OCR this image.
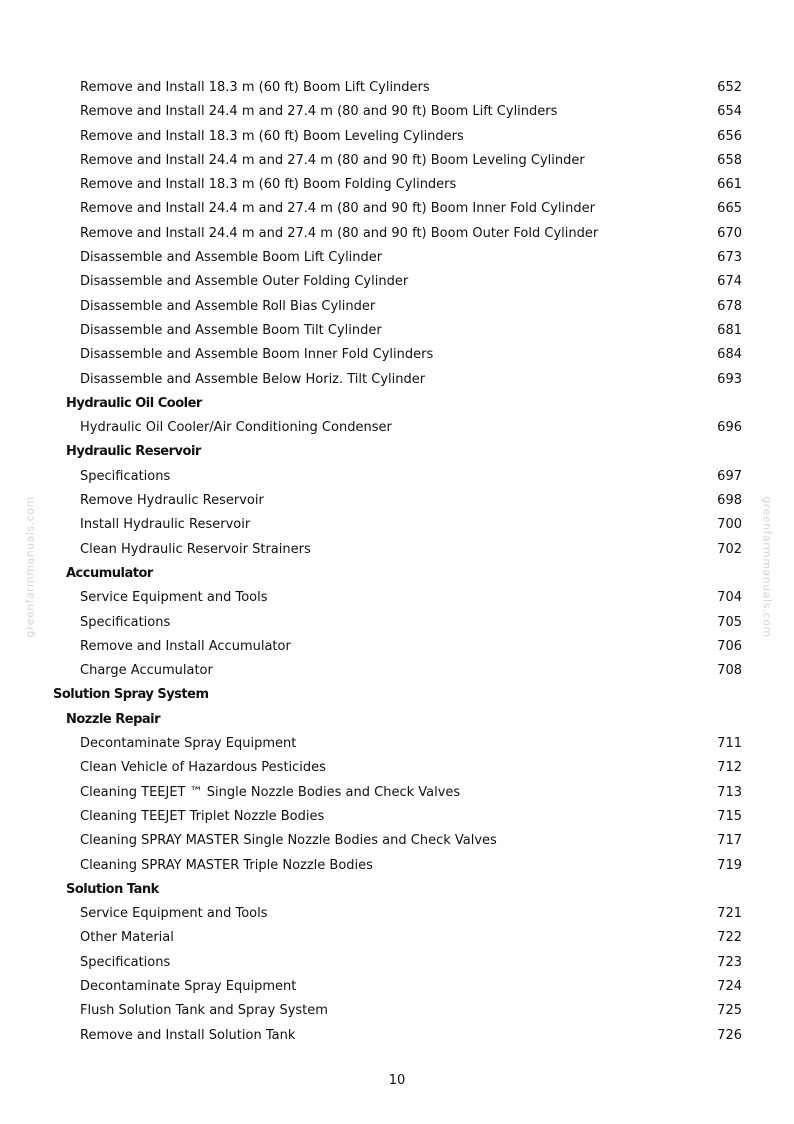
greenfarmmanuals.com	greenfarmmanuals.com
Remove and Install 18.3 m (60 ft) Boom Lift Cylinders	652
Remove and Install 24.4 m and 27.4 m (80 and 90 ft) Boom Lift Cylinders	654
Remove and Install 18.3 m (60 ft) Boom Leveling Cylinders	656
Remove and Install 24.4 m and 27.4 m (80 and 90 ft) Boom Leveling Cylinder	658
Remove and Install 18.3 m (60 ft) Boom Folding Cylinders	661
Remove and Install 24.4 m and 27.4 m (80 and 90 ft) Boom Inner Fold Cylinder	665
Remove and Install 24.4 m and 27.4 m (80 and 90 ft) Boom Outer Fold Cylinder	670
Disassemble and Assemble Boom Lift Cylinder	673
Disassemble and Assemble Outer Folding Cylinder	674
Disassemble and Assemble Roll Bias Cylinder	678
Disassemble and Assemble Boom Tilt Cylinder	681
Disassemble and Assemble Boom Inner Fold Cylinders	684
Disassemble and Assemble Below Horiz. Tilt Cylinder	693
Hydraulic Oil Cooler
Hydraulic Oil Cooler/Air Conditioning Condenser	696
Hydraulic Reservoir
Specifications	697
Remove Hydraulic Reservoir	698
Install Hydraulic Reservoir	700
Clean Hydraulic Reservoir Strainers	702
Accumulator
Service Equipment and Tools	704
Specifications	705
Remove and Install Accumulator	706
Charge Accumulator	708
Solution Spray System
Nozzle Repair
Decontaminate Spray Equipment	711
Clean Vehicle of Hazardous Pesticides	712
Cleaning TEEJET ™ Single Nozzle Bodies and Check Valves	713
Cleaning TEEJET Triplet Nozzle Bodies	715
Cleaning SPRAY MASTER Single Nozzle Bodies and Check Valves	717
Cleaning SPRAY MASTER Triple Nozzle Bodies	719
Solution Tank
Service Equipment and Tools	721
Other Material	722
Specifications	723
Decontaminate Spray Equipment	724
Flush Solution Tank and Spray System	725
Remove and Install Solution Tank	726
10
